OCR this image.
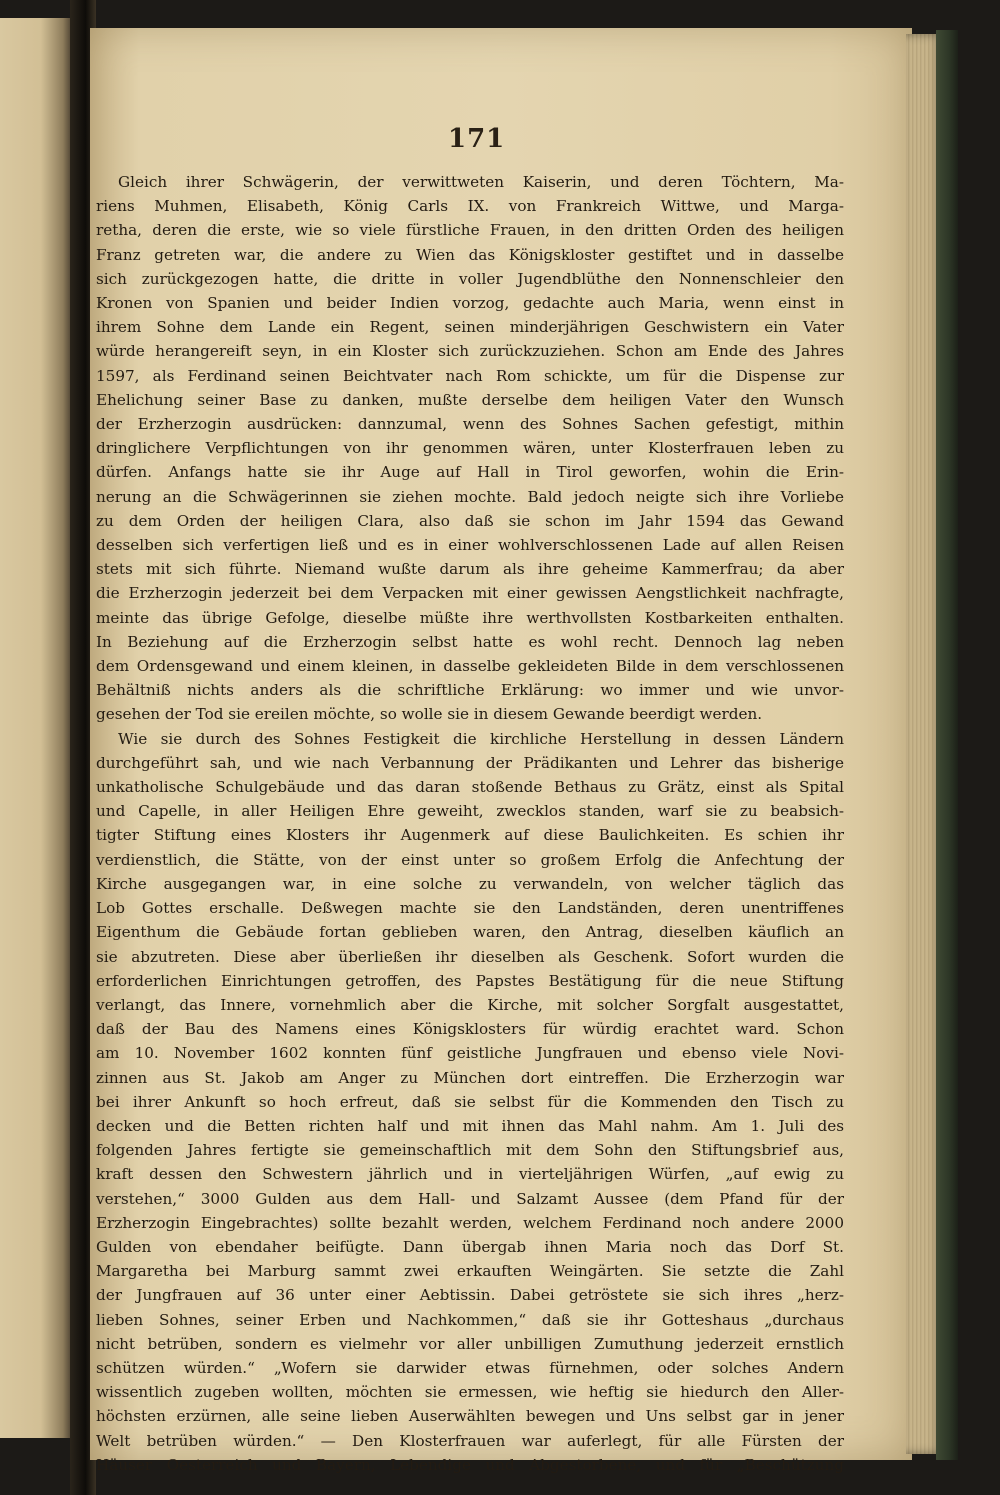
171
Gleich ihrer Schwägerin, der verwittweten Kaiserin, und deren Töchtern, Ma-
riens Muhmen, Elisabeth, König Carls IX. von Frankreich Wittwe, und Marga-
retha, deren die erste, wie so viele fürstliche Frauen, in den dritten Orden des heiligen
Franz getreten war, die andere zu Wien das Königskloster gestiftet und in dasselbe
sich zurückgezogen hatte, die dritte in voller Jugendblüthe den Nonnenschleier den
Kronen von Spanien und beider Indien vorzog, gedachte auch Maria, wenn einst in
ihrem Sohne dem Lande ein Regent, seinen minderjährigen Geschwistern ein Vater
würde herangereift seyn, in ein Kloster sich zurückzuziehen. Schon am Ende des Jahres
1597, als Ferdinand seinen Beichtvater nach Rom schickte, um für die Dispense zur
Ehelichung seiner Base zu danken, mußte derselbe dem heiligen Vater den Wunsch
der Erzherzogin ausdrücken: dannzumal, wenn des Sohnes Sachen gefestigt, mithin
dringlichere Verpflichtungen von ihr genommen wären, unter Klosterfrauen leben zu
dürfen. Anfangs hatte sie ihr Auge auf Hall in Tirol geworfen, wohin die Erin-
nerung an die Schwägerinnen sie ziehen mochte. Bald jedoch neigte sich ihre Vorliebe
zu dem Orden der heiligen Clara, also daß sie schon im Jahr 1594 das Gewand
desselben sich verfertigen ließ und es in einer wohlverschlossenen Lade auf allen Reisen
stets mit sich führte. Niemand wußte darum als ihre geheime Kammerfrau; da aber
die Erzherzogin jederzeit bei dem Verpacken mit einer gewissen Aengstlichkeit nachfragte,
meinte das übrige Gefolge, dieselbe müßte ihre werthvollsten Kostbarkeiten enthalten.
In Beziehung auf die Erzherzogin selbst hatte es wohl recht. Dennoch lag neben
dem Ordensgewand und einem kleinen, in dasselbe gekleideten Bilde in dem verschlossenen
Behältniß nichts anders als die schriftliche Erklärung: wo immer und wie unvor-
gesehen der Tod sie ereilen möchte, so wolle sie in diesem Gewande beerdigt werden.
Wie sie durch des Sohnes Festigkeit die kirchliche Herstellung in dessen Ländern
durchgeführt sah, und wie nach Verbannung der Prädikanten und Lehrer das bisherige
unkatholische Schulgebäude und das daran stoßende Bethaus zu Grätz, einst als Spital
und Capelle, in aller Heiligen Ehre geweiht, zwecklos standen, warf sie zu beabsich-
tigter Stiftung eines Klosters ihr Augenmerk auf diese Baulichkeiten. Es schien ihr
verdienstlich, die Stätte, von der einst unter so großem Erfolg die Anfechtung der
Kirche ausgegangen war, in eine solche zu verwandeln, von welcher täglich das
Lob Gottes erschalle. Deßwegen machte sie den Landständen, deren unentriffenes
Eigenthum die Gebäude fortan geblieben waren, den Antrag, dieselben käuflich an
sie abzutreten. Diese aber überließen ihr dieselben als Geschenk. Sofort wurden die
erforderlichen Einrichtungen getroffen, des Papstes Bestätigung für die neue Stiftung
verlangt, das Innere, vornehmlich aber die Kirche, mit solcher Sorgfalt ausgestattet,
daß der Bau des Namens eines Königsklosters für würdig erachtet ward. Schon
am 10. November 1602 konnten fünf geistliche Jungfrauen und ebenso viele Novi-
zinnen aus St. Jakob am Anger zu München dort eintreffen. Die Erzherzogin war
bei ihrer Ankunft so hoch erfreut, daß sie selbst für die Kommenden den Tisch zu
decken und die Betten richten half und mit ihnen das Mahl nahm. Am 1. Juli des
folgenden Jahres fertigte sie gemeinschaftlich mit dem Sohn den Stiftungsbrief aus,
kraft dessen den Schwestern jährlich und in vierteljährigen Würfen, „auf ewig zu
verstehen,“ 3000 Gulden aus dem Hall- und Salzamt Aussee (dem Pfand für der
Erzherzogin Eingebrachtes) sollte bezahlt werden, welchem Ferdinand noch andere 2000
Gulden von ebendaher beifügte. Dann übergab ihnen Maria noch das Dorf St.
Margaretha bei Marburg sammt zwei erkauften Weingärten. Sie setzte die Zahl
der Jungfrauen auf 36 unter einer Aebtissin. Dabei getröstete sie sich ihres „herz-
lieben Sohnes, seiner Erben und Nachkommen,“ daß sie ihr Gotteshaus „durchaus
nicht betrüben, sondern es vielmehr vor aller unbilligen Zumuthung jederzeit ernstlich
schützen würden.“ „Wofern sie darwider etwas fürnehmen, oder solches Andern
wissentlich zugeben wollten, möchten sie ermessen, wie heftig sie hiedurch den Aller-
höchsten erzürnen, alle seine lieben Auserwählten bewegen und Uns selbst gar in jener
Welt betrüben würden.“ — Den Klosterfrauen war auferlegt, für alle Fürsten der
Häuser Oesterreich und Bayern, Lebendige und Abgestorbene, und für „Beschützung
